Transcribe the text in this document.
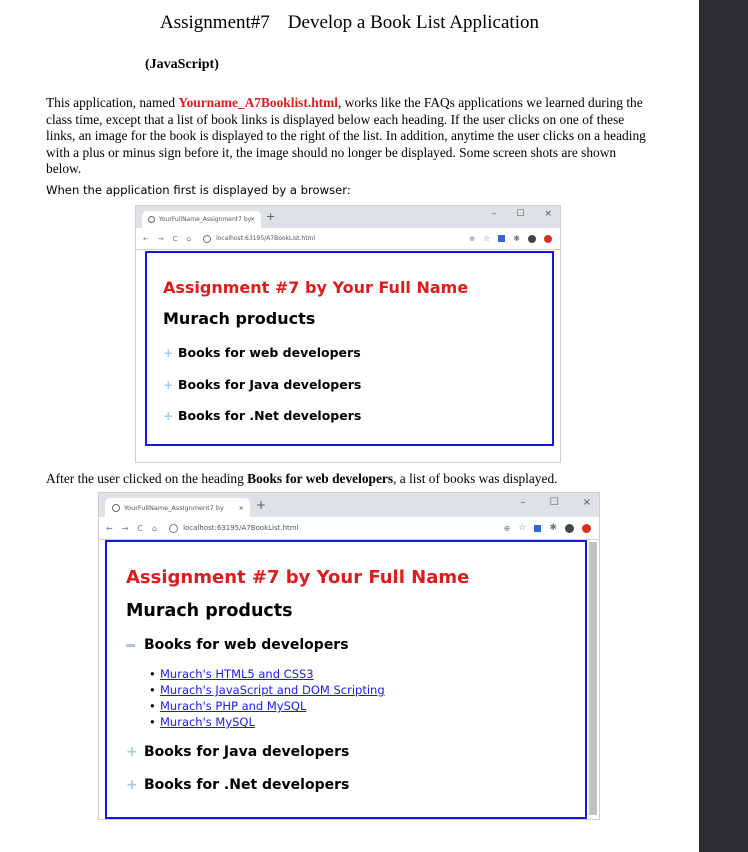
Assignment#7 Develop a Book List Application
(JavaScript)
This application, named Yourname_A7Booklist.html, works like the FAQs applications we learned during the class time, except that a list of book links is displayed below each heading. If the user clicks on one of these links, an image for the book is displayed to the right of the list. In addition, anytime the user clicks on a heading with a plus or minus sign before it, the image should no longer be displayed. Some screen shots are shown below.
When the application first is displayed by a browser:
YourFullName_Assignment7 by
× +	– ☐ ×
← → C ⌂	localhost:63195/A7BookList.html	⊕ ☆	✱
Assignment #7 by Your Full Name
Murach products
+ Books for web developers
+ Books for Java developers
+ Books for .Net developers
After the user clicked on the heading Books for web developers, a list of books was displayed.
YourFullName_Assignment7 by × +	– ☐ ×
← → C ⌂	localhost:63195/A7BookList.html	⊕ ☆	✱
Assignment #7 by Your Full Name
Murach products
Books for web developers
• Murach's HTML5 and CSS3
• Murach's JavaScript and DOM Scripting
• Murach's PHP and MySQL
• Murach's MySQL
+ Books for Java developers
+ Books for .Net developers
